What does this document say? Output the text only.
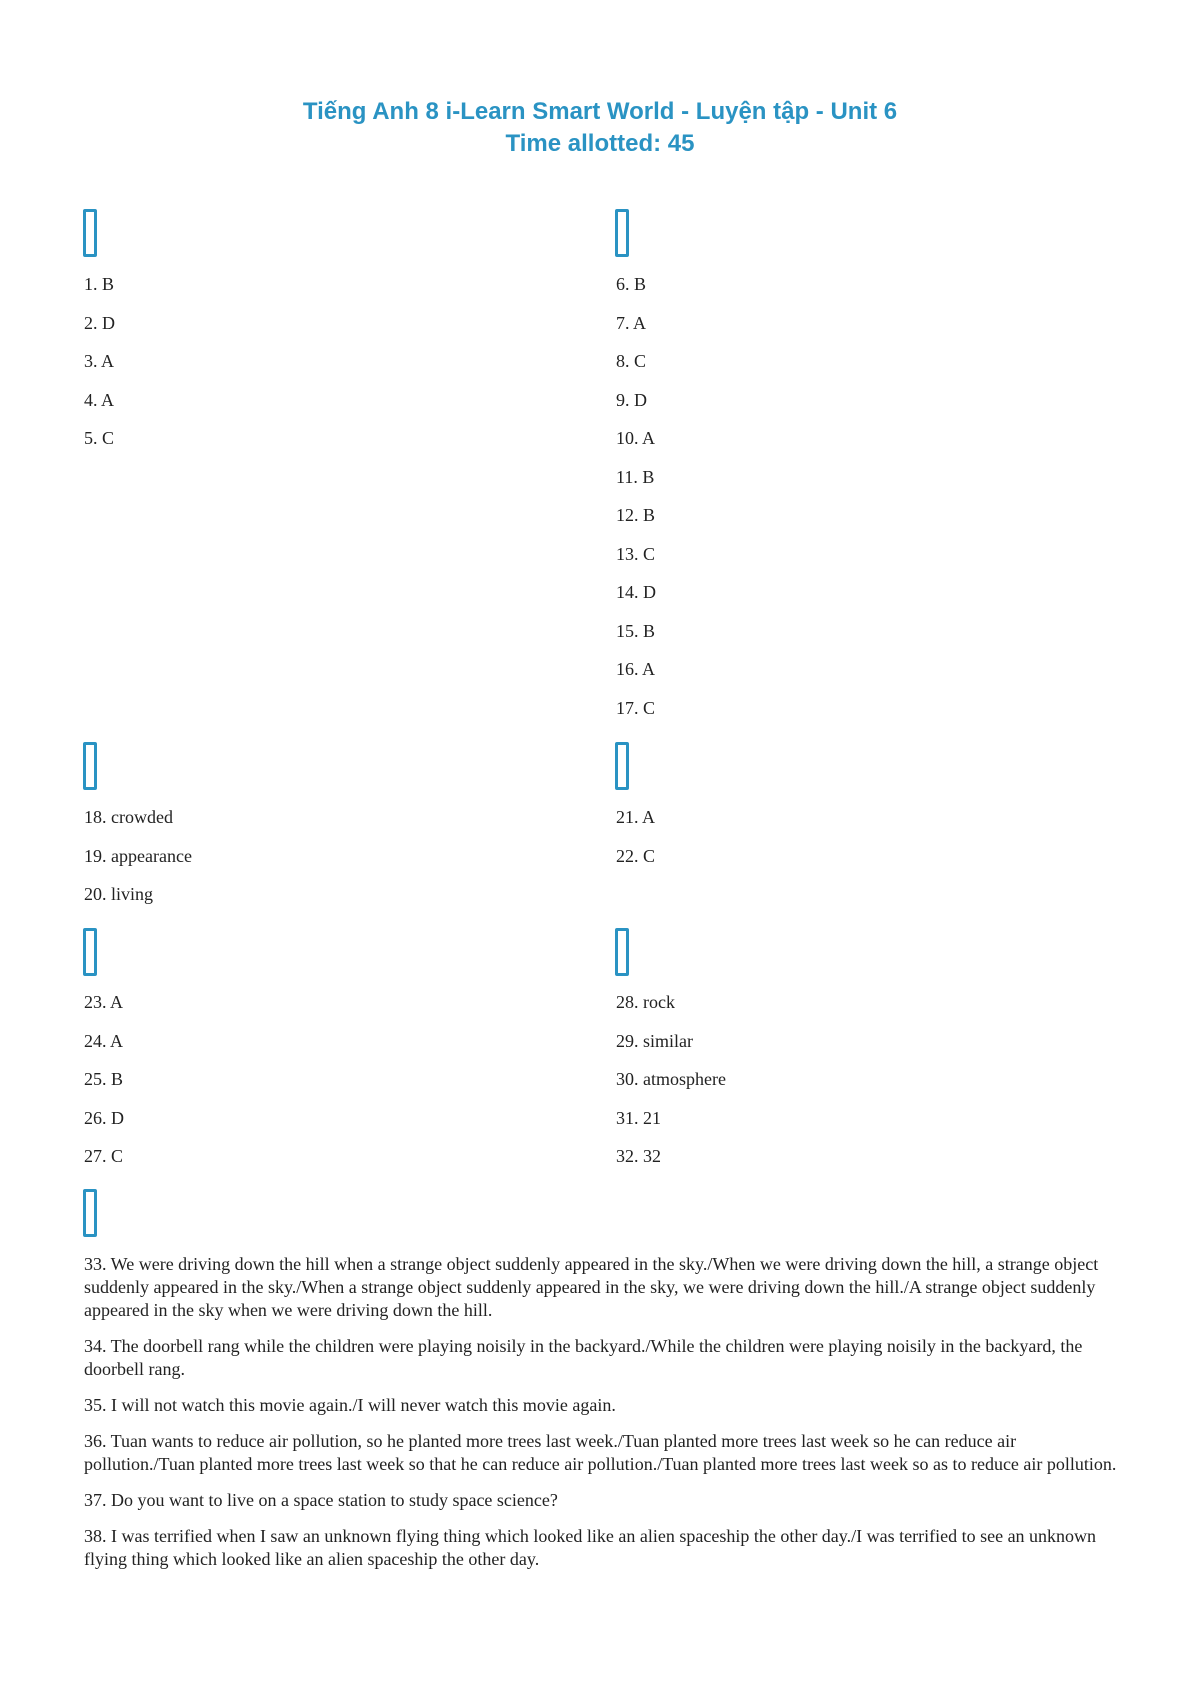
Tiếng Anh 8 i-Learn Smart World - Luyện tập - Unit 6
Time allotted: 45
1. B
2. D
3. A
4. A
5. C
6. B
7. A
8. C
9. D
10. A
11. B
12. B
13. C
14. D
15. B
16. A
17. C
18. crowded
19. appearance
20. living
21. A
22. C
23. A
24. A
25. B
26. D
27. C
28. rock
29. similar
30. atmosphere
31. 21
32. 32

33. We were driving down the hill when a strange object suddenly appeared in the sky./When we were driving down the hill, a strange object suddenly appeared in the sky./When a strange object suddenly appeared in the sky, we were driving down the hill./A strange object suddenly appeared in the sky when we were driving down the hill.

34. The doorbell rang while the children were playing noisily in the backyard./While the children were playing noisily in the backyard, the doorbell rang.

35. I will not watch this movie again./I will never watch this movie again.

36. Tuan wants to reduce air pollution, so he planted more trees last week./Tuan planted more trees last week so he can reduce air pollution./Tuan planted more trees last week so that he can reduce air pollution./Tuan planted more trees last week so as to reduce air pollution.

37. Do you want to live on a space station to study space science?

38. I was terrified when I saw an unknown flying thing which looked like an alien spaceship the other day./I was terrified to see an unknown flying thing which looked like an alien spaceship the other day.
